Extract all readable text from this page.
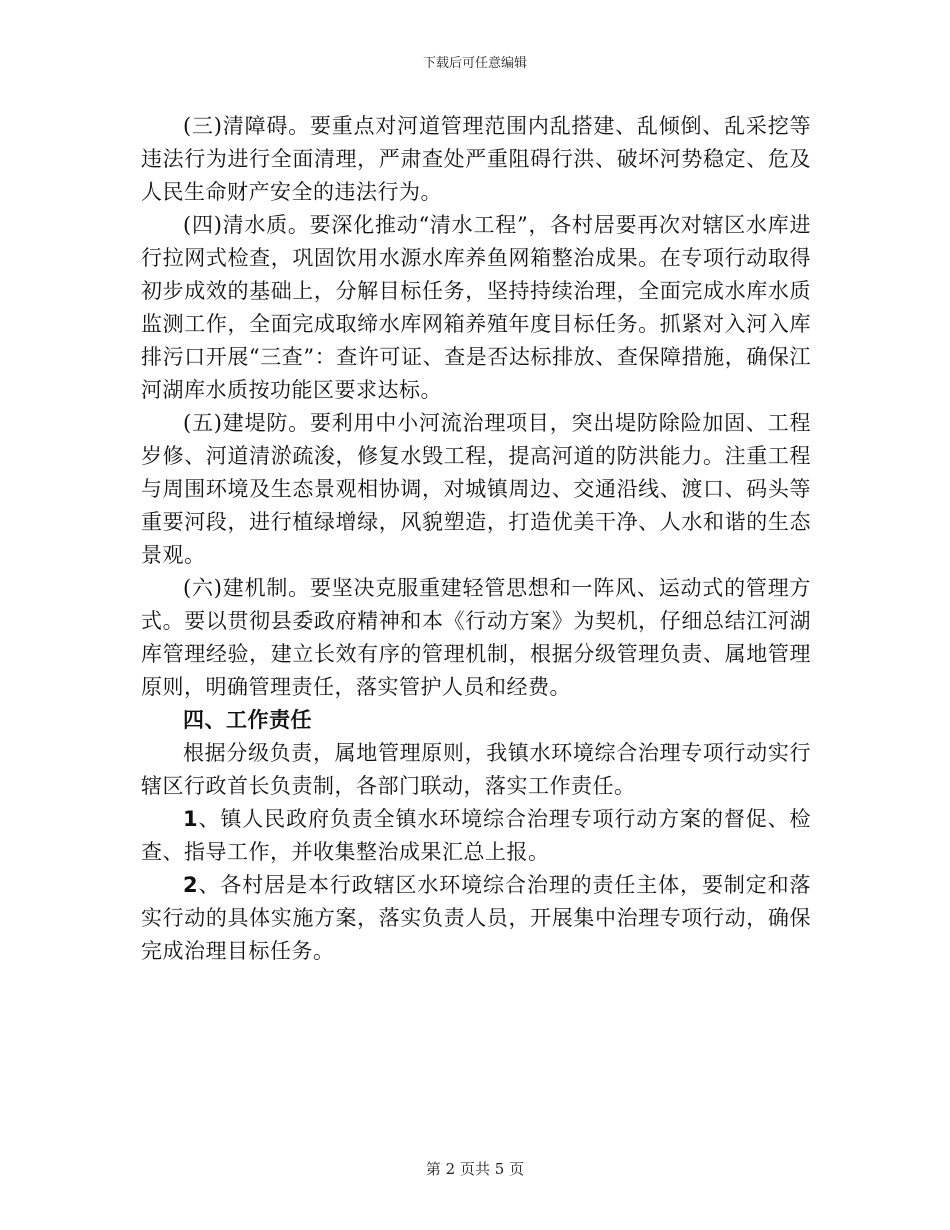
下载后可任意编辑

(三)清障碍。要重点对河道管理范围内乱搭建、乱倾倒、乱采挖等违法行为进行全面清理，严肃查处严重阻碍行洪、破坏河势稳定、危及人民生命财产安全的违法行为。

(四)清水质。要深化推动“清水工程”，各村居要再次对辖区水库进行拉网式检查，巩固饮用水源水库养鱼网箱整治成果。在专项行动取得初步成效的基础上，分解目标任务，坚持持续治理，全面完成水库水质监测工作，全面完成取缔水库网箱养殖年度目标任务。抓紧对入河入库排污口开展“三查”：查许可证、查是否达标排放、查保障措施，确保江河湖库水质按功能区要求达标。

(五)建堤防。要利用中小河流治理项目，突出堤防除险加固、工程岁修、河道清淤疏浚，修复水毁工程，提高河道的防洪能力。注重工程与周围环境及生态景观相协调，对城镇周边、交通沿线、渡口、码头等重要河段，进行植绿增绿，风貌塑造，打造优美干净、人水和谐的生态景观。

(六)建机制。要坚决克服重建轻管思想和一阵风、运动式的管理方式。要以贯彻县委政府精神和本《行动方案》为契机，仔细总结江河湖库管理经验，建立长效有序的管理机制，根据分级管理负责、属地管理原则，明确管理责任，落实管护人员和经费。

四、工作责任

根据分级负责，属地管理原则，我镇水环境综合治理专项行动实行辖区行政首长负责制，各部门联动，落实工作责任。

1、镇人民政府负责全镇水环境综合治理专项行动方案的督促、检查、指导工作，并收集整治成果汇总上报。

2、各村居是本行政辖区水环境综合治理的责任主体，要制定和落实行动的具体实施方案，落实负责人员，开展集中治理专项行动，确保完成治理目标任务。

第 2 页共 5 页
